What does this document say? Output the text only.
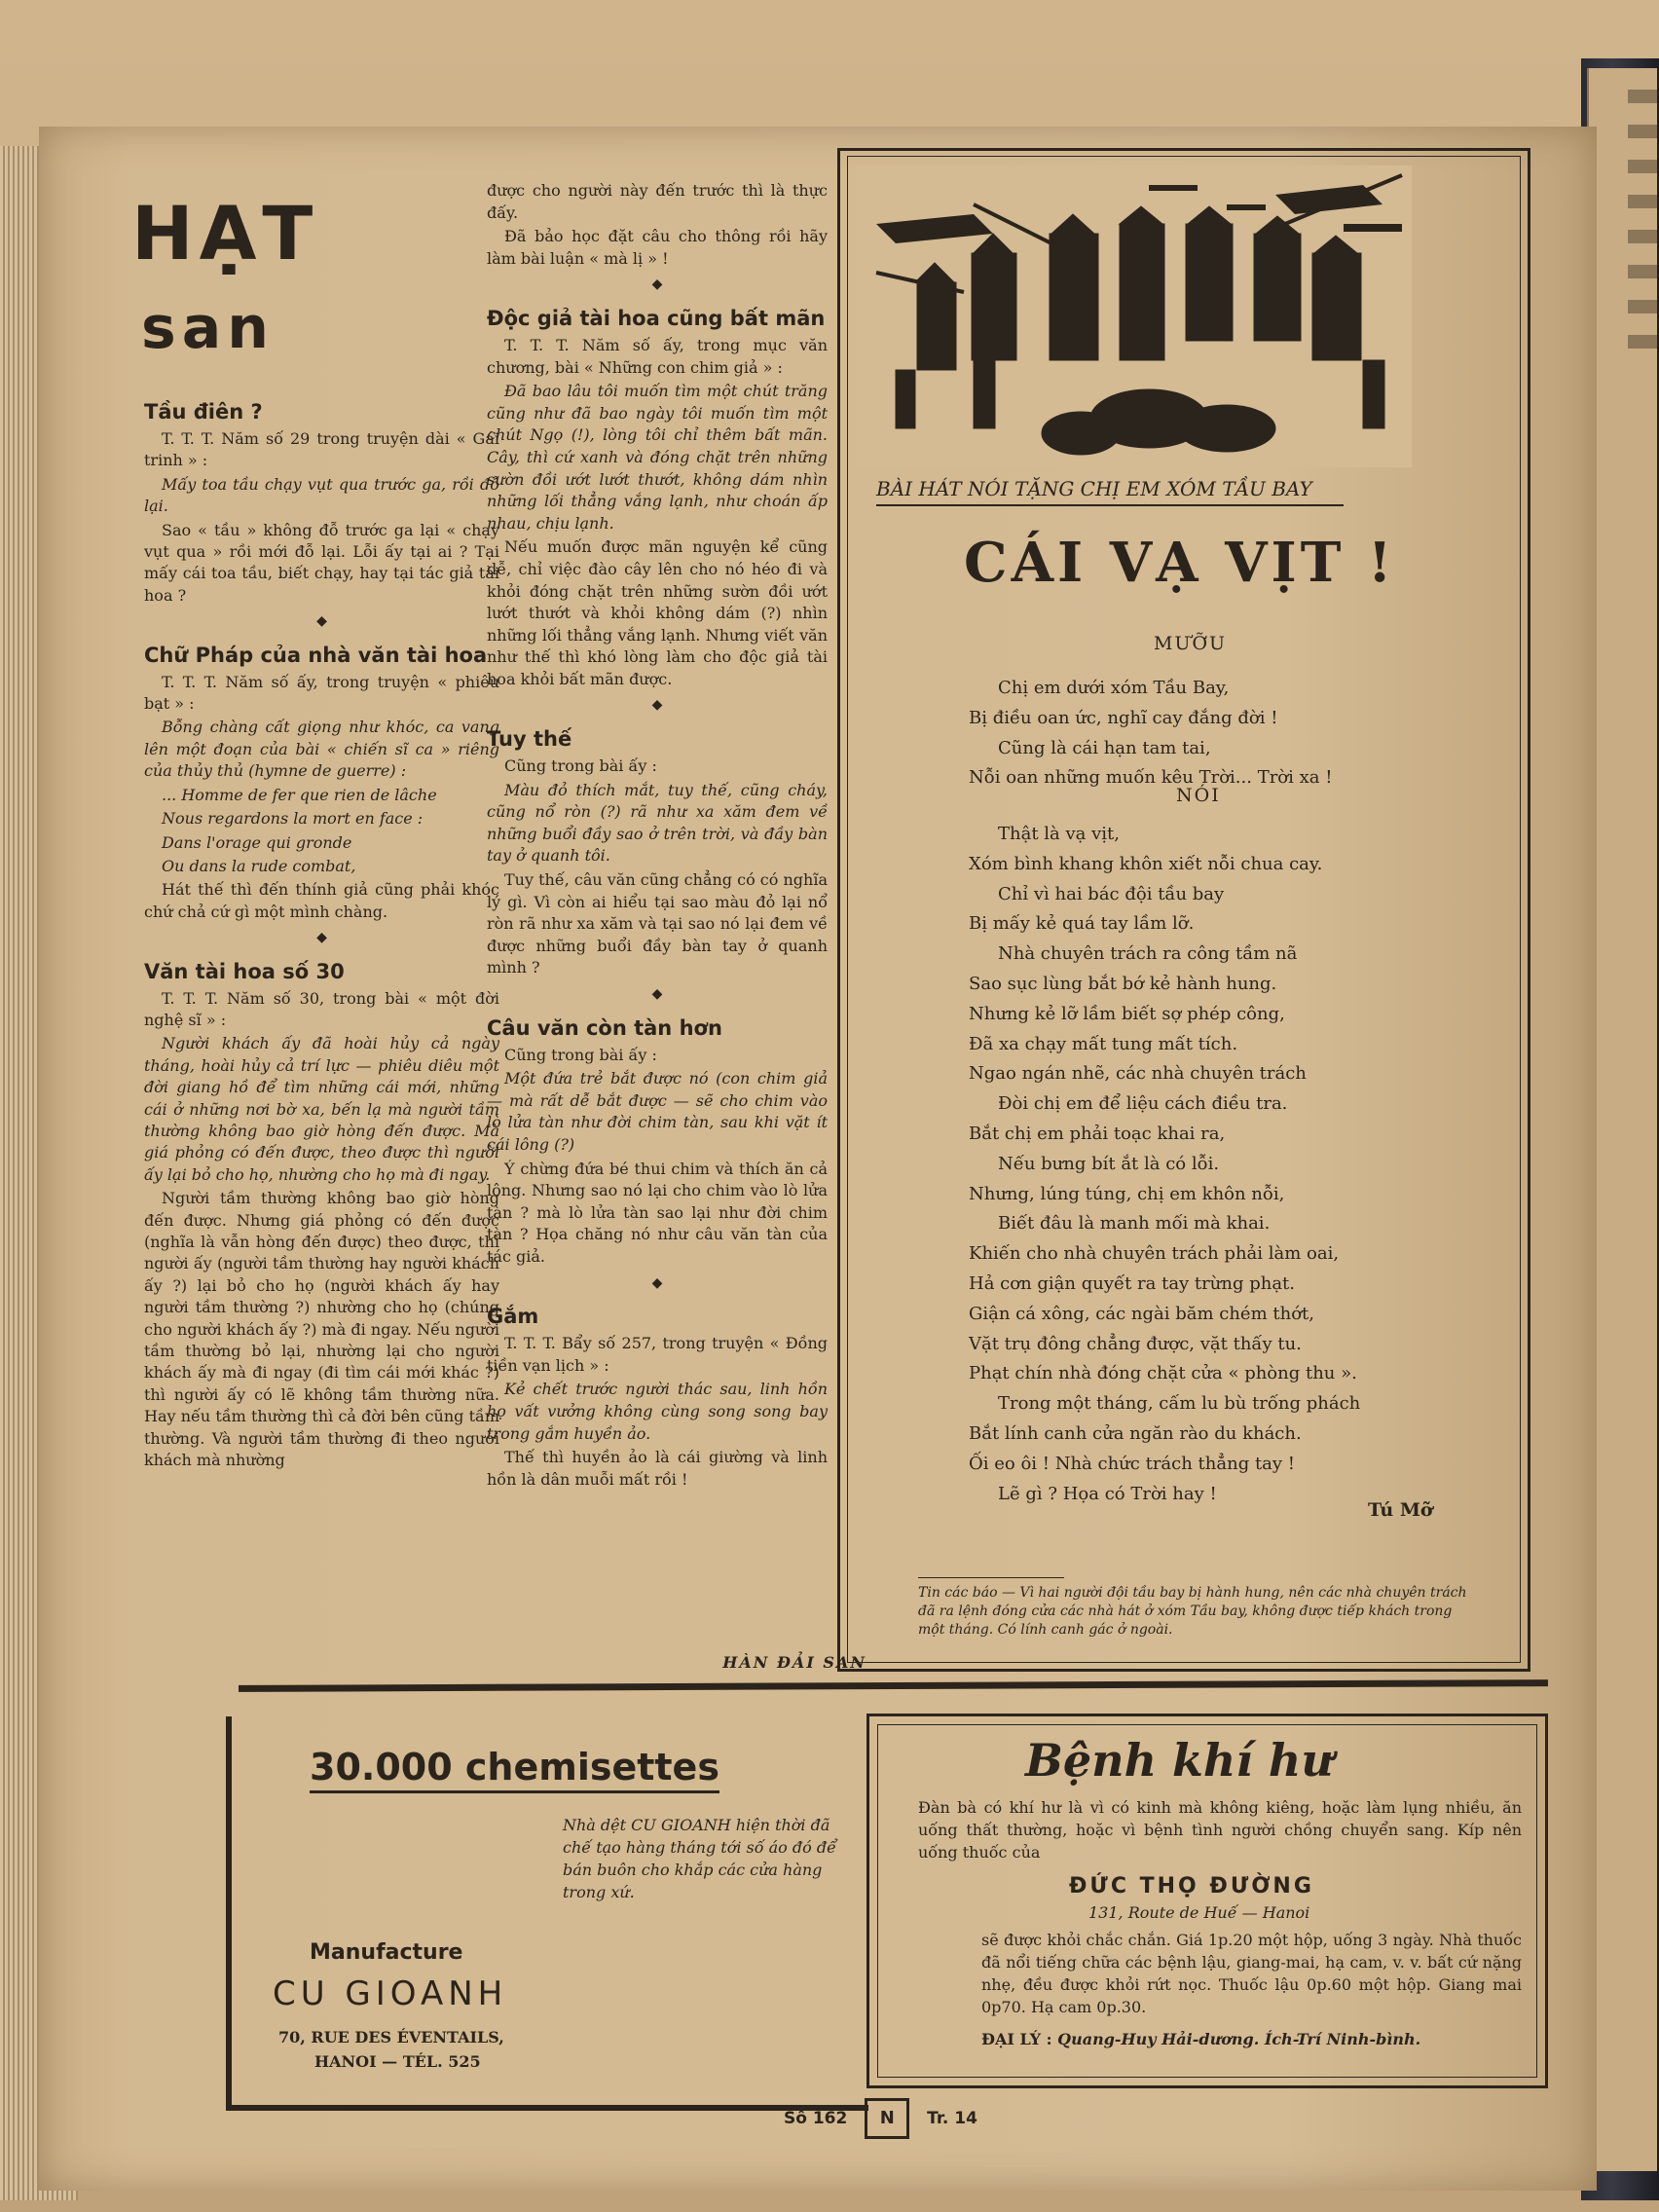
HẠT
san
Tầu điên ?

T. T. T. Năm số 29 trong truyện dài « Gái trinh » :

Mấy toa tầu chạy vụt qua trước ga, rồi đỗ lại.

Sao « tầu » không đỗ trước ga lại « chạy vụt qua » rồi mới đỗ lại. Lỗi ấy tại ai ? Tại mấy cái toa tầu, biết chạy, hay tại tác giả tài hoa ?

◆
Chữ Pháp của nhà văn tài hoa

T. T. T. Năm số ấy, trong truyện « phiêu bạt » :

Bỗng chàng cất giọng như khóc, ca vang lên một đoạn của bài « chiến sĩ ca » riêng của thủy thủ (hymne de guerre) :

... Homme de fer que rien de lâche

Nous regardons la mort en face :

Dans l'orage qui gronde

Ou dans la rude combat,

Hát thế thì đến thính giả cũng phải khóc chứ chả cứ gì một mình chàng.

◆
Văn tài hoa số 30

T. T. T. Năm số 30, trong bài « một đời nghệ sĩ » :

Người khách ấy đã hoài hủy cả ngày tháng, hoài hủy cả trí lực — phiêu diêu một đời giang hồ để tìm những cái mới, những cái ở những nơi bờ xa, bến lạ mà người tầm thường không bao giờ hòng đến được. Mà giá phỏng có đến được, theo được thì người ấy lại bỏ cho họ, nhường cho họ mà đi ngay.

Người tầm thường không bao giờ hòng đến được. Nhưng giá phỏng có đến được (nghĩa là vẫn hòng đến được) theo được, thì người ấy (người tầm thường hay người khách ấy ?) lại bỏ cho họ (người khách ấy hay người tầm thường ?) nhường cho họ (chúng cho người khách ấy ?) mà đi ngay. Nếu người tầm thường bỏ lại, nhường lại cho người khách ấy mà đi ngay (đi tìm cái mới khác ?) thì người ấy có lẽ không tầm thường nữa. Hay nếu tầm thường thì cả đời bên cũng tầm thường. Và người tầm thường đi theo người khách mà nhường

được cho người này đến trước thì là thực đấy.

Đã bảo học đặt câu cho thông rồi hãy làm bài luận « mà lị » !

◆
Độc giả tài hoa cũng bất mãn

T. T. T. Năm số ấy, trong mục văn chương, bài « Những con chim giả » :

Đã bao lâu tôi muốn tìm một chút trăng cũng như đã bao ngày tôi muốn tìm một chút Ngọ (!), lòng tôi chỉ thêm bất mãn. Cây, thì cứ xanh và đóng chặt trên những sườn đồi ướt lướt thướt, không dám nhìn những lối thẳng vắng lạnh, như choán ấp nhau, chịu lạnh.

Nếu muốn được mãn nguyện kể cũng dễ, chỉ việc đào cây lên cho nó héo đi và khỏi đóng chặt trên những sườn đồi ướt lướt thướt và khỏi không dám (?) nhìn những lối thẳng vắng lạnh. Nhưng viết văn như thế thì khó lòng làm cho độc giả tài hoa khỏi bất mãn được.

◆
Tuy thế

Cũng trong bài ấy :

Màu đỏ thích mắt, tuy thế, cũng cháy, cũng nổ ròn (?) rã như xa xăm đem về những buổi đầy sao ở trên trời, và đầy bàn tay ở quanh tôi.

Tuy thế, câu văn cũng chẳng có có nghĩa lý gì. Vì còn ai hiểu tại sao màu đỏ lại nổ ròn rã như xa xăm và tại sao nó lại đem về được những buổi đầy bàn tay ở quanh mình ?

◆
Câu văn còn tàn hơn

Cũng trong bài ấy :

Một đứa trẻ bắt được nó (con chim giả — mà rất dễ bắt được — sẽ cho chim vào lò lửa tàn như đời chim tàn, sau khi vặt ít cái lông (?)

Ý chừng đứa bé thui chim và thích ăn cả lông. Nhưng sao nó lại cho chim vào lò lửa tàn ? mà lò lửa tàn sao lại như đời chim tàn ? Họa chăng nó như câu văn tàn của tác giả.

◆
Gắm

T. T. T. Bẩy số 257, trong truyện « Đồng tiền vạn lịch » :

Kẻ chết trước người thác sau, linh hồn họ vất vưởng không cùng song song bay trong gắm huyền ảo.

Thế thì huyền ảo là cái giường và linh hồn là dân muỗi mất rồi !

HÀN ĐẢI SAN
BÀI HÁT NÓI TẶNG CHỊ EM XÓM TẦU BAY
CÁI VẠ VỊT !
MƯỠU
Chị em dưới xóm Tầu Bay,
Bị điều oan ức, nghĩ cay đắng đời !
Cũng là cái hạn tam tai,
Nỗi oan những muốn kêu Trời... Trời xa !
NÓI
Thật là vạ vịt,
Xóm bình khang khôn xiết nỗi chua cay.
Chỉ vì hai bác đội tầu bay
Bị mấy kẻ quá tay lầm lỡ.
Nhà chuyên trách ra công tầm nã
Sao sục lùng bắt bớ kẻ hành hung.
Nhưng kẻ lỡ lầm biết sợ phép công,
Đã xa chạy mất tung mất tích.
Ngao ngán nhẽ, các nhà chuyên trách
Đòi chị em để liệu cách điều tra.
Bắt chị em phải toạc khai ra,
Nếu bưng bít ắt là có lỗi.
Nhưng, lúng túng, chị em khôn nỗi,
Biết đâu là manh mối mà khai.
Khiến cho nhà chuyên trách phải làm oai,
Hả cơn giận quyết ra tay trừng phạt.
Giận cá xông, các ngài băm chém thớt,
Vặt trụ đông chẳng được, vặt thấy tu.
Phạt chín nhà đóng chặt cửa « phòng thu ».
Trong một tháng, cấm lu bù trống phách
Bắt lính canh cửa ngăn rào du khách.
Ối eo ôi ! Nhà chức trách thẳng tay !
Lẽ gì ? Họa có Trời hay !
Tú Mỡ

Tin các báo — Vì hai người đội tầu bay bị hành hung, nên các nhà chuyên trách đã ra lệnh đóng cửa các nhà hát ở xóm Tầu bay, không được tiếp khách trong một tháng. Có lính canh gác ở ngoài.
30.000 chemisettes
Nhà dệt CU GIOANH hiện thời đã chế tạo hàng tháng tới số áo đó để bán buôn cho khắp các cửa hàng trong xứ.
Manufacture
CU GIOANH
70, RUE DES ÉVENTAILS,
HANOI — TÉL. 525
Bệnh khí hư
Đàn bà có khí hư là vì có kinh mà không kiêng, hoặc làm lụng nhiều, ăn uống thất thường, hoặc vì bệnh tình người chồng chuyển sang. Kíp nên uống thuốc của
ĐỨC THỌ ĐƯỜNG
131, Route de Huế — Hanoi
sẽ được khỏi chắc chắn. Giá 1p.20 một hộp, uống 3 ngày. Nhà thuốc đã nổi tiếng chữa các bệnh lậu, giang-mai, hạ cam, v. v. bất cứ nặng nhẹ, đều được khỏi rứt nọc. Thuốc lậu 0p.60 một hộp. Giang mai 0p70. Hạ cam 0p.30.
ĐẠI LÝ : Quang-Huy Hải-dương. Ích-Trí Ninh-bình.
Số 162 N Tr. 14
